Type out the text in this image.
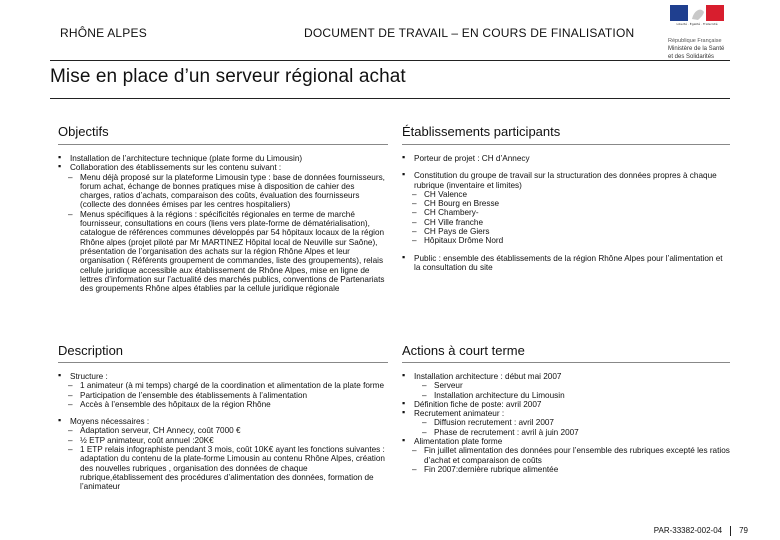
RHÔNE ALPES	DOCUMENT DE TRAVAIL – EN COURS DE FINALISATION
Liberté · Égalité · Fraternité
République Française
Ministère de la Santé
et des Solidarités
Mise en place d’un serveur régional achat
Objectifs
▪ Installation de l’architecture technique (plate forme du Limousin)
▪ Collaboration des établissements sur les contenu suivant :
– Menu déjà proposé sur la plateforme Limousin type : base de données fournisseurs, forum achat, échange de bonnes pratiques mise à disposition de cahier des charges, ratios d’achats, comparaison des coûts, évaluation des fournisseurs (collecte des données émises par les centres hospitaliers)
– Menus spécifiques à la régions : spécificités régionales en terme de marché fournisseur, consultations en cours (liens vers plate-forme de dématérialisation), catalogue de références communes développés par 54 hôpitaux locaux de la région Rhône alpes (projet piloté par Mr MARTINEZ Hôpital local de Neuville sur Saône), présentation de l’organisation des achats sur la région Rhône Alpes et leur organisation ( Référents groupement de commandes, liste des groupements), relais cellule juridique accessible aux établissement de Rhône Alpes, mise en ligne de lettres d’information sur l’actualité des marchés publics, conventions de Partenariats des groupements Rhône alpes établies par la cellule juridique régionale
Établissements participants
▪ Porteur de projet : CH d’Annecy
▪ Constitution du groupe de travail sur la structuration des données propres à chaque rubrique (inventaire et limites)
– CH Valence
– CH Bourg en Bresse
– CH Chambery-
– CH Ville franche
– CH Pays de Giers
– Hôpitaux Drôme Nord
▪ Public : ensemble des établissements de la région Rhône Alpes pour l’alimentation et la consultation du site
Description
▪ Structure :
– 1 animateur (à mi temps) chargé de la coordination et alimentation de la plate forme
– Participation de l’ensemble des établissements à l’alimentation
– Accès à l’ensemble des hôpitaux de la région Rhône
▪ Moyens nécessaires :
– Adaptation serveur, CH Annecy, coût 7000 €
– ½ ETP animateur, coût annuel :20K€
– 1 ETP relais infographiste pendant 3 mois, coût 10K€ ayant les fonctions suivantes : adaptation du contenu de la plate-forme Limousin au contenu Rhône Alpes, création des nouvelles rubriques , organisation des données de chaque rubrique,établissement des procédures d’alimentation des données, formation de l’animateur
Actions à court terme
▪ Installation architecture : début mai 2007
– Serveur
– Installation architecture du Limousin
▪ Définition fiche de poste: avril 2007
▪ Recrutement animateur :
– Diffusion recrutement : avril 2007
– Phase de recrutement : avril à juin 2007
▪ Alimentation plate forme
– Fin juillet alimentation des données pour l’ensemble des rubriques excepté les ratios d’achat et comparaison de coûts
– Fin 2007:dernière rubrique alimentée
PAR-33382-002-04 79
